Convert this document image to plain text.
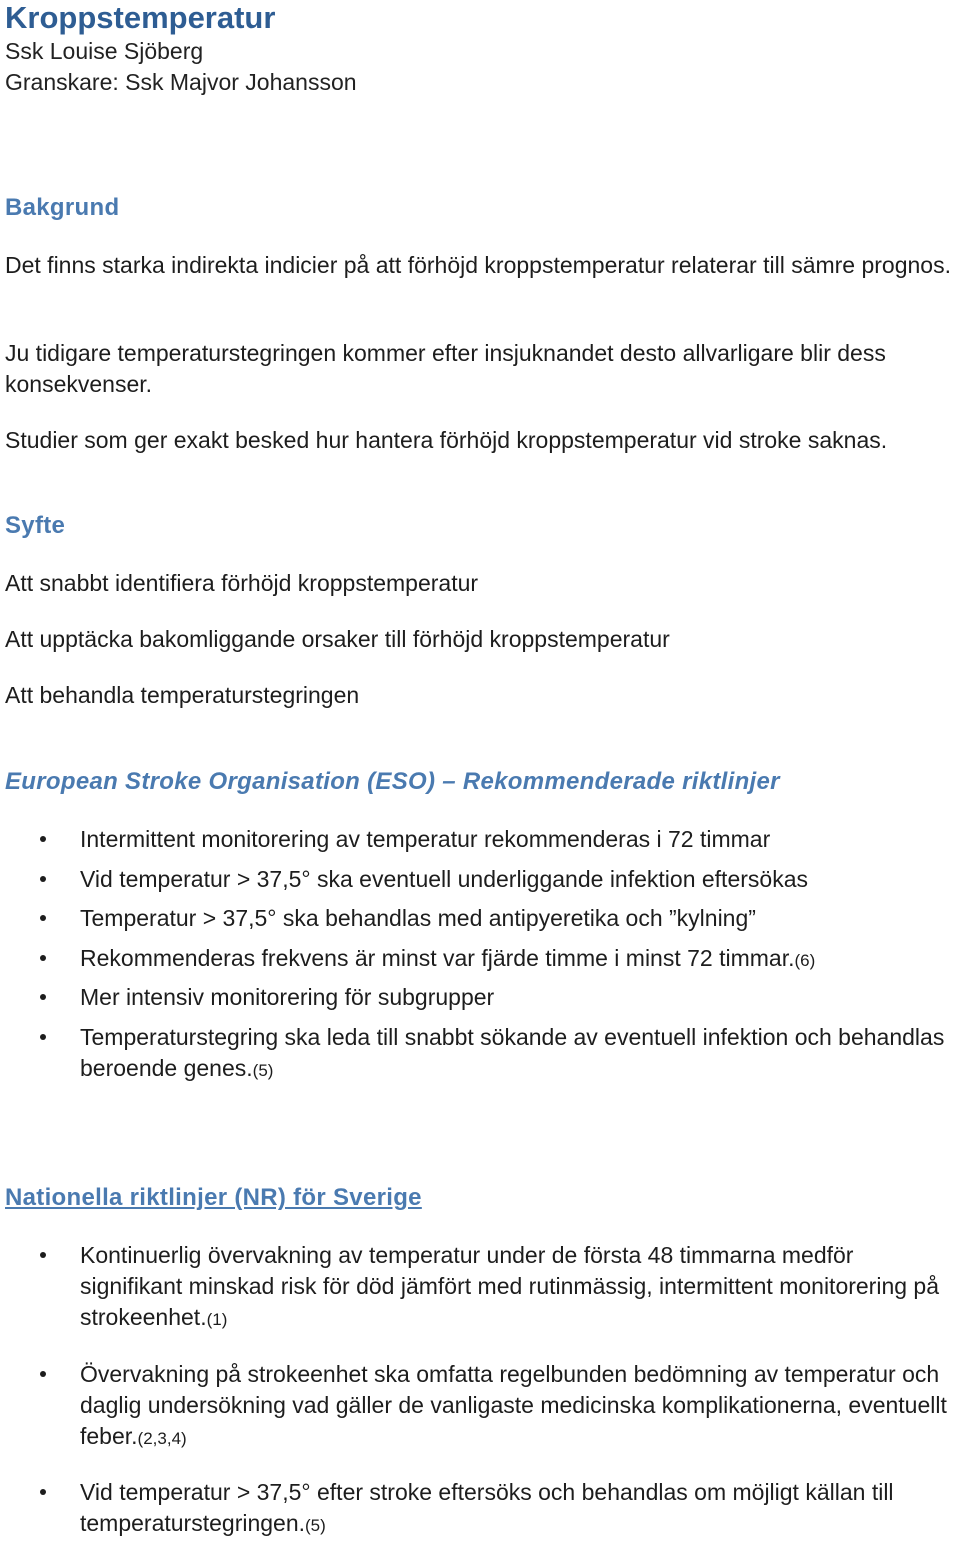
Kroppstemperatur
Ssk Louise Sjöberg
Granskare: Ssk Majvor Johansson
Bakgrund
Det finns starka indirekta indicier på att förhöjd kroppstemperatur relaterar till sämre prognos.
Ju tidigare temperaturstegringen kommer efter insjuknandet desto allvarligare blir dess konsekvenser.
Studier som ger exakt besked hur hantera förhöjd kroppstemperatur vid stroke saknas.
Syfte
Att snabbt identifiera förhöjd kroppstemperatur
Att upptäcka bakomliggande orsaker till förhöjd kroppstemperatur
Att behandla temperaturstegringen
European Stroke Organisation (ESO) – Rekommenderade riktlinjer
Intermittent monitorering av temperatur rekommenderas i 72 timmar
Vid temperatur > 37,5° ska eventuell underliggande infektion eftersökas
Temperatur > 37,5° ska behandlas med antipyeretika och ”kylning”
Rekommenderas frekvens är minst var fjärde timme i minst 72 timmar.(6)
Mer intensiv monitorering för subgrupper
Temperaturstegring ska leda till snabbt sökande av eventuell infektion och behandlas beroende genes.(5)
Nationella riktlinjer (NR) för Sverige
Kontinuerlig övervakning av temperatur under de första 48 timmarna medför signifikant minskad risk för död jämfört med rutinmässig, intermittent monitorering på strokeenhet.(1)
Övervakning på strokeenhet ska omfatta regelbunden bedömning av temperatur och daglig undersökning vad gäller de vanligaste medicinska komplikationerna, eventuellt feber.(2,3,4)
Vid temperatur > 37,5° efter stroke eftersöks och behandlas om möjligt källan till temperaturstegringen.(5)
